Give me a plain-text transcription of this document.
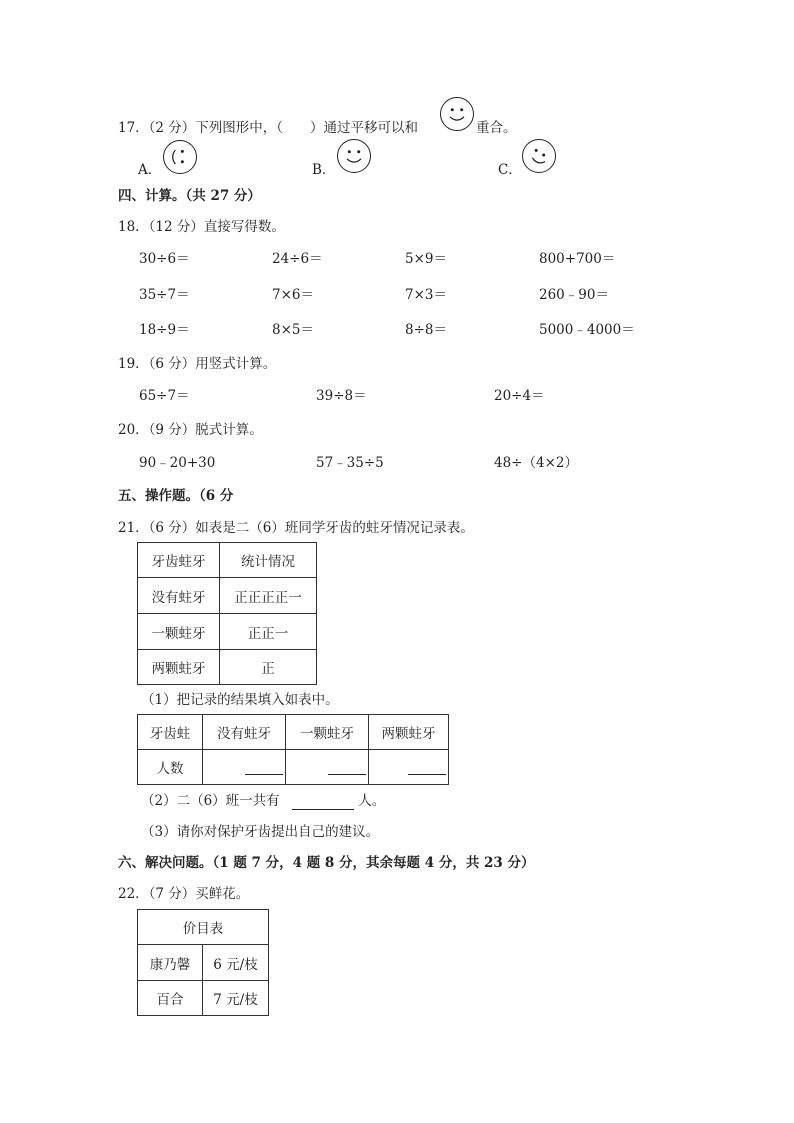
17．（2 分）下列图形中，（　　）通过平移可以和	重合。
A．	B．	C．
四、计算。（共 27 分）
18．（12 分）直接写得数。
30÷6＝	24÷6＝	5×9＝	800+700＝
35÷7＝	7×6＝	7×3＝	260﹣90＝
18÷9＝	8×5＝	8÷8＝	5000﹣4000＝
19．（6 分）用竖式计算。
65÷7＝	39÷8＝	20÷4＝
20．（9 分）脱式计算。
90﹣20+30	57﹣35÷5	48÷（4×2）
五、操作题。（6 分
21．（6 分）如表是二（6）班同学牙齿的蛀牙情况记录表。
牙齿蛀牙	统计情况
没有蛀牙	正正正正一
一颗蛀牙	正正一
两颗蛀牙	正
（1）把记录的结果填入如表中。
牙齿蛀	没有蛀牙	一颗蛀牙	两颗蛀牙
人数			
（2）二（6）班一共有	人。
（3）请你对保护牙齿提出自己的建议。
六、解决问题。（1 题 7 分，4 题 8 分，其余每题 4 分，共 23 分）
22．（7 分）买鲜花。
价目表	
康乃馨	6 元/枝
百合	7 元/枝
